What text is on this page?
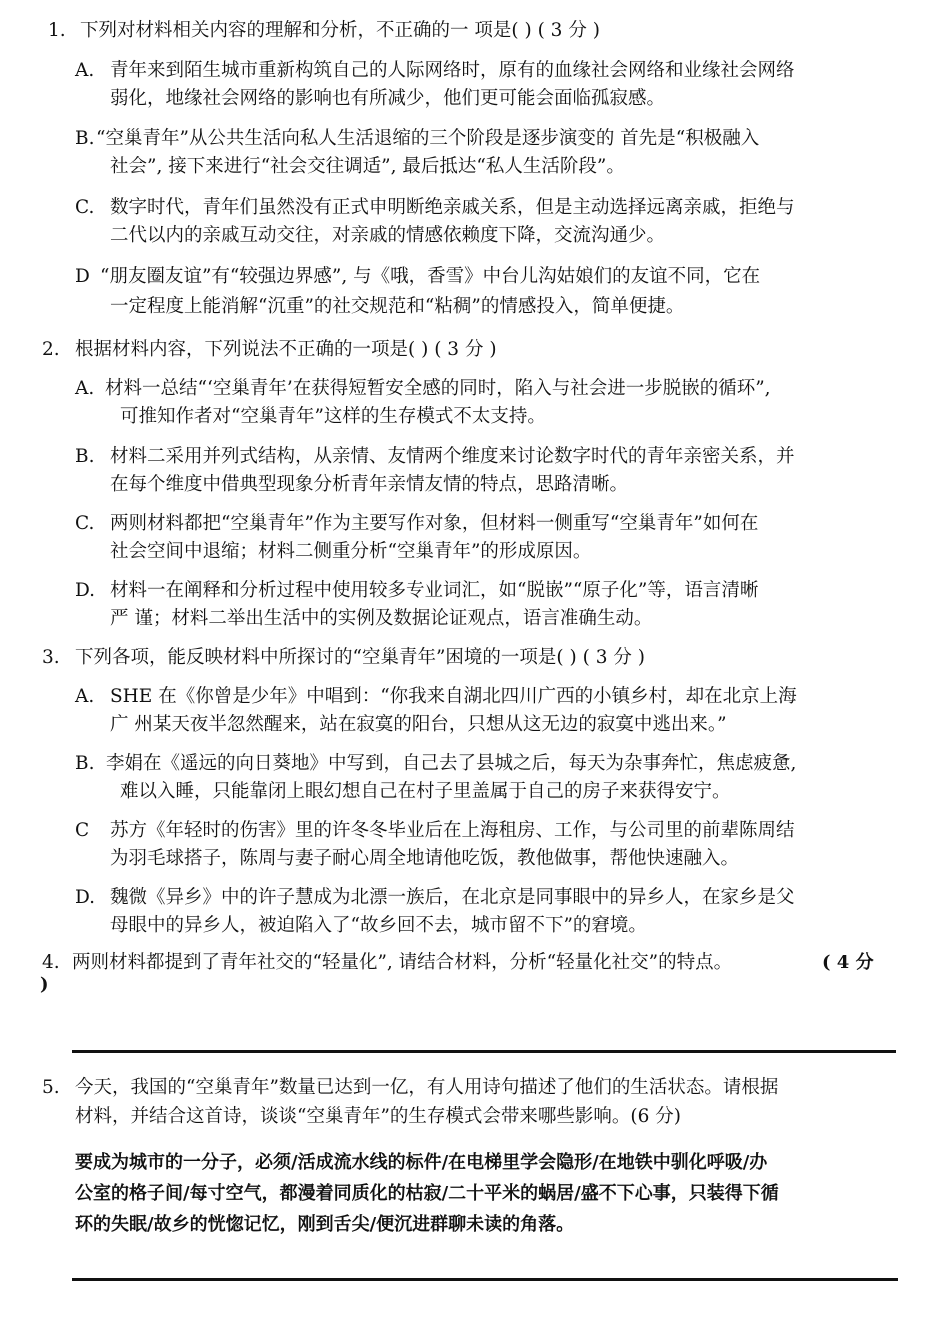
1. 下列对材料相关内容的理解和分析，不正确的一 项是( ) ( 3 分 )
A. 青年来到陌生城市重新构筑自己的人际网络时，原有的血缘社会网络和业缘社会网络
弱化，地缘社会网络的影响也有所减少，他们更可能会面临孤寂感。
B. “空巢青年”从公共生活向私人生活退缩的三个阶段是逐步演变的 首先是“积极融入
社会”, 接下来进行“社会交往调适”, 最后抵达“私人生活阶段”。
C. 数字时代，青年们虽然没有正式申明断绝亲戚关系，但是主动选择远离亲戚，拒绝与
二代以内的亲戚互动交往，对亲戚的情感依赖度下降，交流沟通少。
D “朋友圈友谊”有“较强边界感”, 与《哦，香雪》中台儿沟姑娘们的友谊不同，它在
一定程度上能消解“沉重”的社交规范和“粘稠”的情感投入，简单便捷。
2. 根据材料内容，下列说法不正确的一项是( ) ( 3 分 )
A. 材料一总结“‘空巢青年’在获得短暂安全感的同时，陷入与社会进一步脱嵌的循环”,
可推知作者对“空巢青年”这样的生存模式不太支持。
B. 材料二采用并列式结构，从亲情、友情两个维度来讨论数字时代的青年亲密关系，并
在每个维度中借典型现象分析青年亲情友情的特点，思路清晰。
C. 两则材料都把“空巢青年”作为主要写作对象，但材料一侧重写“空巢青年”如何在
社会空间中退缩；材料二侧重分析“空巢青年”的形成原因。
D. 材料一在阐释和分析过程中使用较多专业词汇，如“脱嵌”“原子化”等，语言清晰
严 谨；材料二举出生活中的实例及数据论证观点，语言准确生动。
3. 下列各项，能反映材料中所探讨的“空巢青年”困境的一项是( ) ( 3 分 )
A. SHE 在《你曾是少年》中唱到：“你我来自湖北四川广西的小镇乡村，却在北京上海
广 州某天夜半忽然醒来，站在寂寞的阳台，只想从这无边的寂寞中逃出来。”
B. 李娟在《遥远的向日葵地》中写到，自己去了县城之后，每天为杂事奔忙，焦虑疲惫,
难以入睡，只能靠闭上眼幻想自己在村子里盖属于自己的房子来获得安宁。
C 苏方《年轻时的伤害》里的许冬冬毕业后在上海租房、工作，与公司里的前辈陈周结
为羽毛球搭子，陈周与妻子耐心周全地请他吃饭，教他做事，帮他快速融入。
D. 魏微《异乡》中的许子慧成为北漂一族后，在北京是同事眼中的异乡人，在家乡是父
母眼中的异乡人，被迫陷入了“故乡回不去，城市留不下”的窘境。
4. 两则材料都提到了青年社交的“轻量化”, 请结合材料，分析“轻量化社交”的特点。	( 4 分
)
5. 今天，我国的“空巢青年”数量已达到一亿，有人用诗句描述了他们的生活状态。请根据
材料，并结合这首诗，谈谈“空巢青年”的生存模式会带来哪些影响。(6 分)
要成为城市的一分子，必须/活成流水线的标件/在电梯里学会隐形/在地铁中驯化呼吸/办
公室的格子间/每寸空气，都漫着同质化的枯寂/二十平米的蜗居/盛不下心事，只装得下循
环的失眠/故乡的恍惚记忆，刚到舌尖/便沉进群聊未读的角落。
